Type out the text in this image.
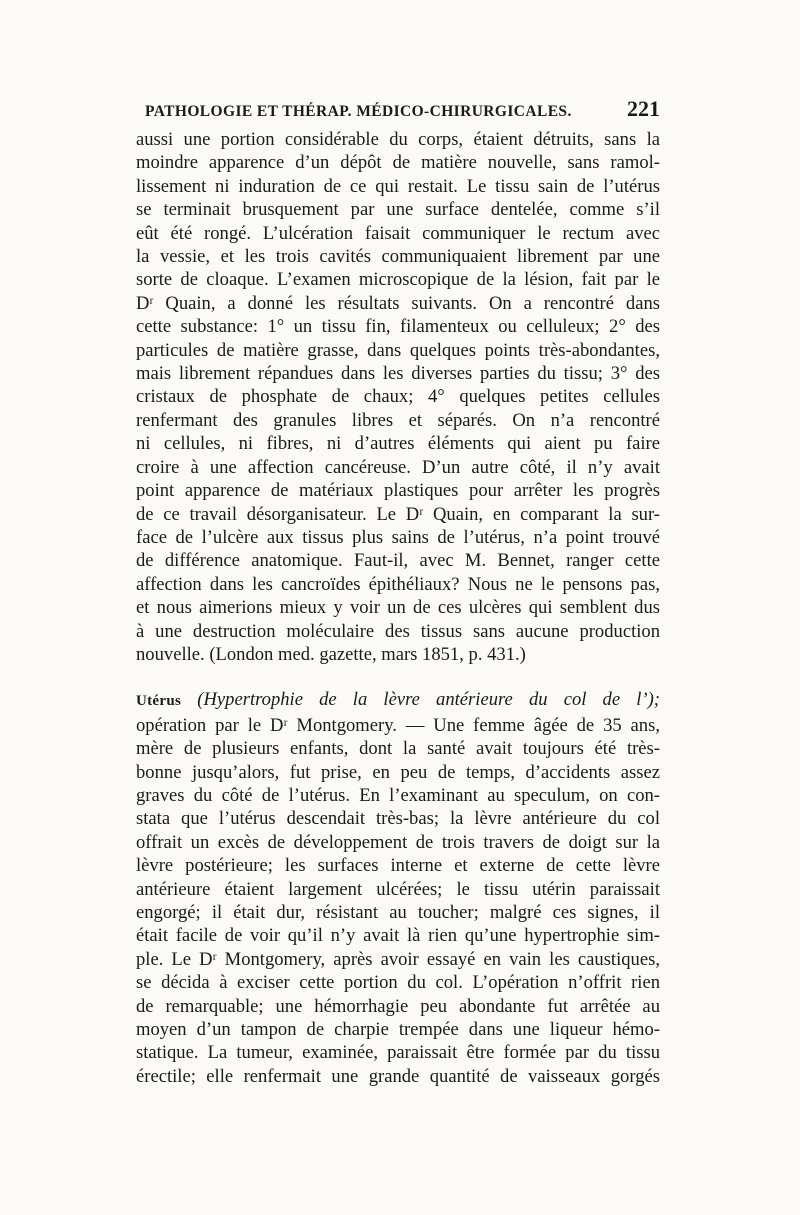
PATHOLOGIE ET THÉRAP. MÉDICO-CHIRURGICALES.	221
aussi une portion considérable du corps, étaient détruits, sans la
moindre apparence d’un dépôt de matière nouvelle, sans ramol-
lissement ni induration de ce qui restait. Le tissu sain de l’utérus
se terminait brusquement par une surface dentelée, comme s’il
eût été rongé. L’ulcération faisait communiquer le rectum avec
la vessie, et les trois cavités communiquaient librement par une
sorte de cloaque. L’examen microscopique de la lésion, fait par le
Dʳ Quain, a donné les résultats suivants. On a rencontré dans
cette substance: 1° un tissu fin, filamenteux ou celluleux; 2° des
particules de matière grasse, dans quelques points très-abondantes,
mais librement répandues dans les diverses parties du tissu; 3° des
cristaux de phosphate de chaux; 4° quelques petites cellules
renfermant des granules libres et séparés. On n’a rencontré
ni cellules, ni fibres, ni d’autres éléments qui aient pu faire
croire à une affection cancéreuse. D’un autre côté, il n’y avait
point apparence de matériaux plastiques pour arrêter les progrès
de ce travail désorganisateur. Le Dʳ Quain, en comparant la sur-
face de l’ulcère aux tissus plus sains de l’utérus, n’a point trouvé
de différence anatomique. Faut-il, avec M. Bennet, ranger cette
affection dans les cancroïdes épithéliaux? Nous ne le pensons pas,
et nous aimerions mieux y voir un de ces ulcères qui semblent dus
à une destruction moléculaire des tissus sans aucune production
nouvelle. (London med. gazette, mars 1851, p. 431.)
Utérus (Hypertrophie de la lèvre antérieure du col de l’);
opération par le Dʳ Montgomery. — Une femme âgée de 35 ans,
mère de plusieurs enfants, dont la santé avait toujours été très-
bonne jusqu’alors, fut prise, en peu de temps, d’accidents assez
graves du côté de l’utérus. En l’examinant au speculum, on con-
stata que l’utérus descendait très-bas; la lèvre antérieure du col
offrait un excès de développement de trois travers de doigt sur la
lèvre postérieure; les surfaces interne et externe de cette lèvre
antérieure étaient largement ulcérées; le tissu utérin paraissait
engorgé; il était dur, résistant au toucher; malgré ces signes, il
était facile de voir qu’il n’y avait là rien qu’une hypertrophie sim-
ple. Le Dʳ Montgomery, après avoir essayé en vain les caustiques,
se décida à exciser cette portion du col. L’opération n’offrit rien
de remarquable; une hémorrhagie peu abondante fut arrêtée au
moyen d’un tampon de charpie trempée dans une liqueur hémo-
statique. La tumeur, examinée, paraissait être formée par du tissu
érectile; elle renfermait une grande quantité de vaisseaux gorgés
